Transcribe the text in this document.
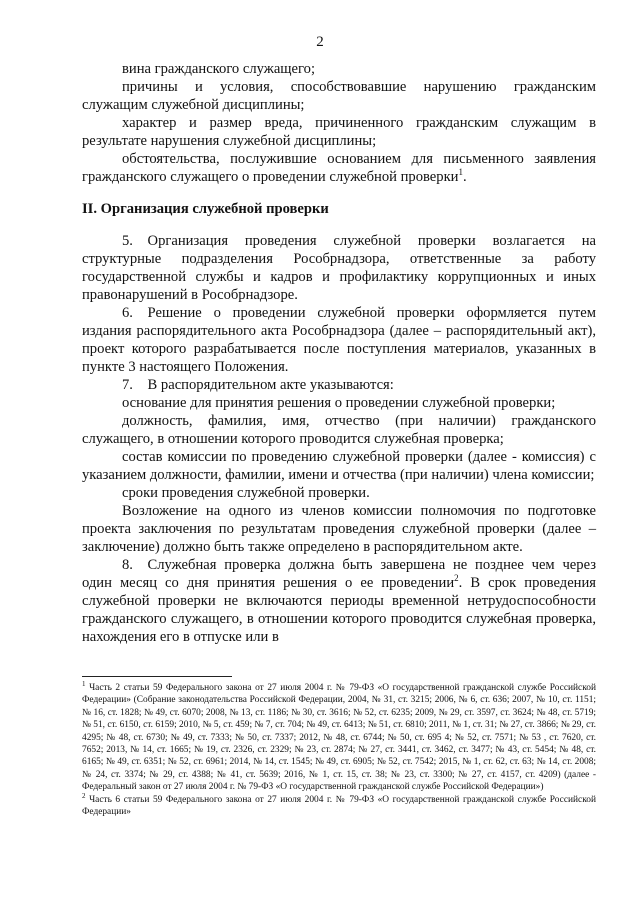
2

вина гражданского служащего;

причины и условия, способствовавшие нарушению гражданским служащим служебной дисциплины;

характер и размер вреда, причиненного гражданским служащим в результате нарушения служебной дисциплины;

обстоятельства, послужившие основанием для письменного заявления гражданского служащего о проведении служебной проверки$^1$.

II. Организация служебной проверки

5. Организация проведения служебной проверки возлагается на структурные подразделения Рособрнадзора, ответственные за работу государственной службы и кадров и профилактику коррупционных и иных правонарушений в Рособрнадзоре.

6. Решение о проведении служебной проверки оформляется путем издания распорядительного акта Рособрнадзора (далее – распорядительный акт), проект которого разрабатывается после поступления материалов, указанных в пункте 3 настоящего Положения.

7. В распорядительном акте указываются:

основание для принятия решения о проведении служебной проверки;

должность, фамилия, имя, отчество (при наличии) гражданского служащего, в отношении которого проводится служебная проверка;

состав комиссии по проведению служебной проверки (далее - комиссия) с указанием должности, фамилии, имени и отчества (при наличии) члена комиссии;

сроки проведения служебной проверки.

Возложение на одного из членов комиссии полномочия по подготовке проекта заключения по результатам проведения служебной проверки (далее – заключение) должно быть также определено в распорядительном акте.

8. Служебная проверка должна быть завершена не позднее чем через один месяц со дня принятия решения о ее проведении$^2$. В срок проведения служебной проверки не включаются периоды временной нетрудоспособности гражданского служащего, в отношении которого проводится служебная проверка, нахождения его в отпуске или в

$^1$ Часть 2 статьи 59 Федерального закона от 27 июля 2004 г. № 79-ФЗ «О государственной гражданской службе Российской Федерации» (Собрание законодательства Российской Федерации, 2004, № 31, ст. 3215; 2006, № 6, ст. 636; 2007, № 10, ст. 1151; № 16, ст. 1828; № 49, ст. 6070; 2008, № 13, ст. 1186; № 30, ст. 3616; № 52, ст. 6235; 2009, № 29, ст. 3597, ст. 3624; № 48, ст. 5719; № 51, ст. 6150, ст. 6159; 2010, № 5, ст. 459; № 7, ст. 704; № 49, ст. 6413; № 51, ст. 6810; 2011, № 1, ст. 31; № 27, ст. 3866; № 29, ст. 4295; № 48, ст. 6730; № 49, ст. 7333; № 50, ст. 7337; 2012, № 48, ст. 6744; № 50, ст. 695 4; № 52, ст. 7571; № 53 , ст. 7620, ст. 7652; 2013, № 14, ст. 1665; № 19, ст. 2326, ст. 2329; № 23, ст. 2874; № 27, ст. 3441, ст. 3462, ст. 3477; № 43, ст. 5454; № 48, ст. 6165; № 49, ст. 6351; № 52, ст. 6961; 2014, № 14, ст. 1545; № 49, ст. 6905; № 52, ст. 7542; 2015, № 1, ст. 62, ст. 63; № 14, ст. 2008; № 24, ст. 3374; № 29, ст. 4388; № 41, ст. 5639; 2016, № 1, ст. 15, ст. 38; № 23, ст. 3300; № 27, ст. 4157, ст. 4209) (далее - Федеральный закон от 27 июля 2004 г. № 79-ФЗ «О государственной гражданской службе Российской Федерации»)

$^2$ Часть 6 статьи 59 Федерального закона от 27 июля 2004 г. № 79-ФЗ «О государственной гражданской службе Российской Федерации»
